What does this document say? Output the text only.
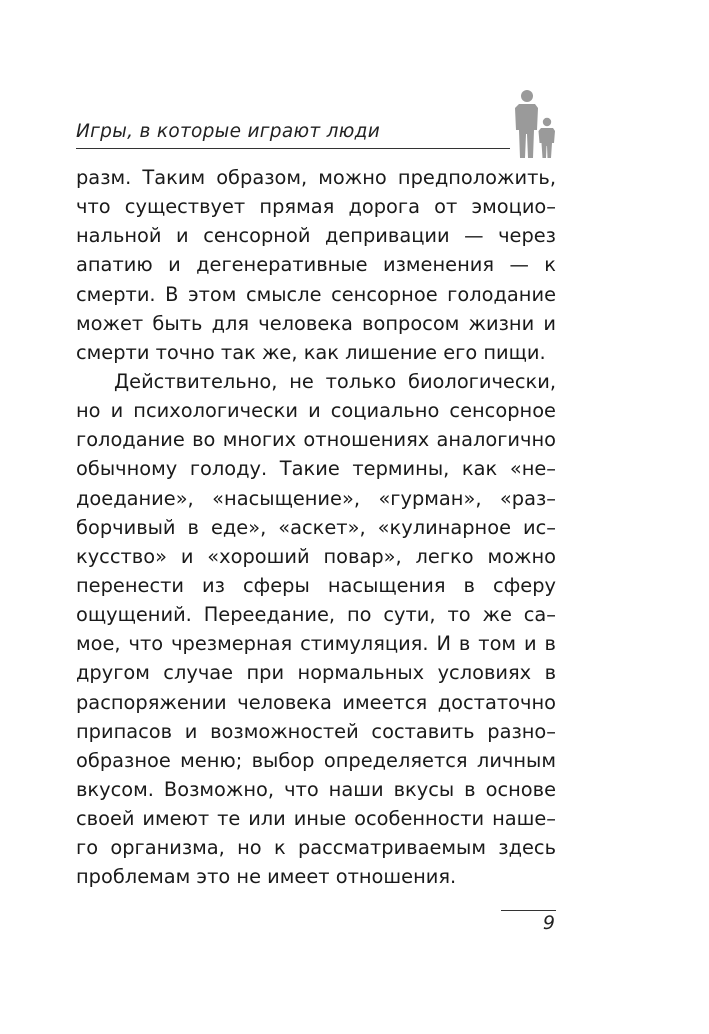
Игры, в которые играют люди
разм. Таким образом, можно предположить,
что существует прямая дорога от эмоцио–
нальной и сенсорной депривации — через
апатию и дегенеративные изменения — к
смерти. В этом смысле сенсорное голодание
может быть для человека вопросом жизни и
смерти точно так же, как лишение его пищи.
Действительно, не только биологически,
но и психологически и социально сенсорное
голодание во многих отношениях аналогично
обычному голоду. Такие термины, как «не–
доедание», «насыщение», «гурман», «раз–
борчивый в еде», «аскет», «кулинарное ис–
кусство» и «хороший повар», легко можно
перенести из сферы насыщения в сферу
ощущений. Переедание, по сути, то же са–
мое, что чрезмерная стимуляция. И в том и в
другом случае при нормальных условиях в
распоряжении человека имеется достаточно
припасов и возможностей составить разно–
образное меню; выбор определяется личным
вкусом. Возможно, что наши вкусы в основе
своей имеют те или иные особенности наше–
го организма, но к рассматриваемым здесь
проблемам это не имеет отношения.
9
